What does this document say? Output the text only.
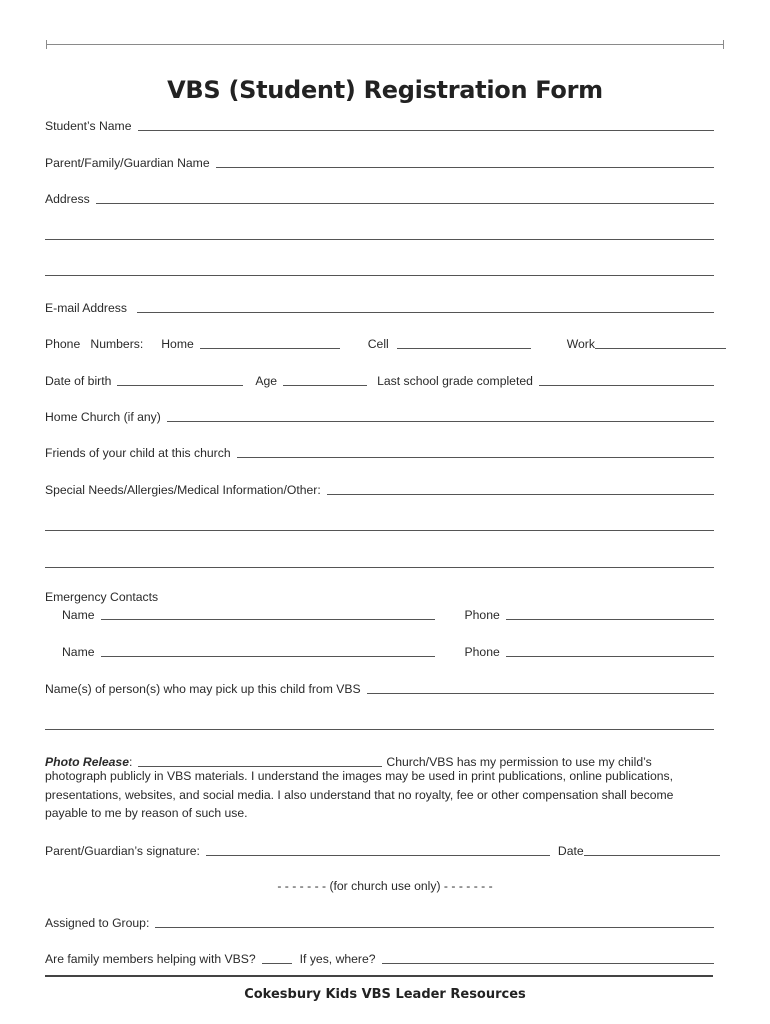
VBS (Student) Registration Form
Student’s Name
Parent/Family/Guardian Name
Address
E-mail Address
Phone   Numbers: Home	Cell	Work
Date of birth	Age	Last school grade completed
Home Church (if any)
Friends of your child at this church
Special Needs/Allergies/Medical Information/Other:
Emergency Contacts
Name	Phone
Name	Phone
Name(s) of person(s) who may pick up this child from VBS
Photo Release :	Church/VBS has my permission to use my child’s
photograph publicly in VBS materials. I understand the images may be used in print publications, online publications, presentations, websites, and social media. I also understand that no royalty, fee or other compensation shall become payable to me by reason of such use.
Parent/Guardian’s signature:	Date
- - - - - - - (for church use only) - - - - - - -
Assigned to Group:
Are family members helping with VBS?	If yes, where?
Cokesbury Kids VBS Leader Resources
